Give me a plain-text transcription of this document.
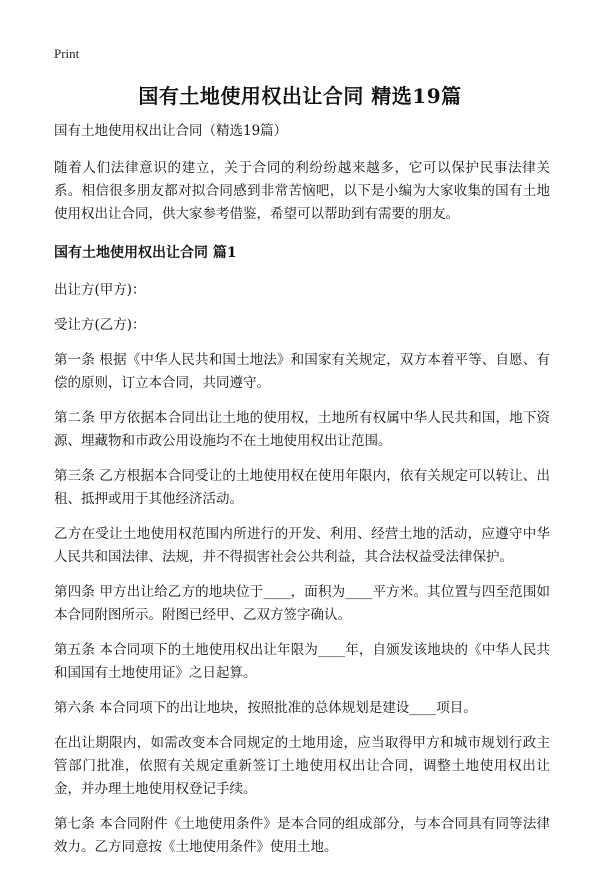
Print
国有土地使用权出让合同 精选19篇

国有土地使用权出让合同（精选19篇）

随着人们法律意识的建立，关于合同的利纷纷越来越多，它可以保护民事法律关系。相信很多朋友都对拟合同感到非常苦恼吧，以下是小编为大家收集的国有土地使用权出让合同，供大家参考借鉴，希望可以帮助到有需要的朋友。

国有土地使用权出让合同 篇1

出让方(甲方)：

受让方(乙方)：

第一条 根据《中华人民共和国土地法》和国家有关规定，双方本着平等、自愿、有偿的原则，订立本合同，共同遵守。

第二条 甲方依据本合同出让土地的使用权，土地所有权属中华人民共和国，地下资源、埋藏物和市政公用设施均不在土地使用权出让范围。

第三条 乙方根据本合同受让的土地使用权在使用年限内，依有关规定可以转让、出租、抵押或用于其他经济活动。

乙方在受让土地使用权范围内所进行的开发、利用、经营土地的活动，应遵守中华人民共和国法律、法规，并不得损害社会公共利益，其合法权益受法律保护。

第四条 甲方出让给乙方的地块位于____，面积为____平方米。其位置与四至范围如本合同附图所示。附图已经甲、乙双方签字确认。

第五条 本合同项下的土地使用权出让年限为____年，自颁发该地块的《中华人民共和国国有土地使用证》之日起算。

第六条 本合同项下的出让地块，按照批准的总体规划是建设____项目。

在出让期限内，如需改变本合同规定的土地用途，应当取得甲方和城市规划行政主管部门批准，依照有关规定重新签订土地使用权出让合同，调整土地使用权出让金，并办理土地使用权登记手续。

第七条 本合同附件《土地使用条件》是本合同的组成部分，与本合同具有同等法律效力。乙方同意按《土地使用条件》使用土地。
